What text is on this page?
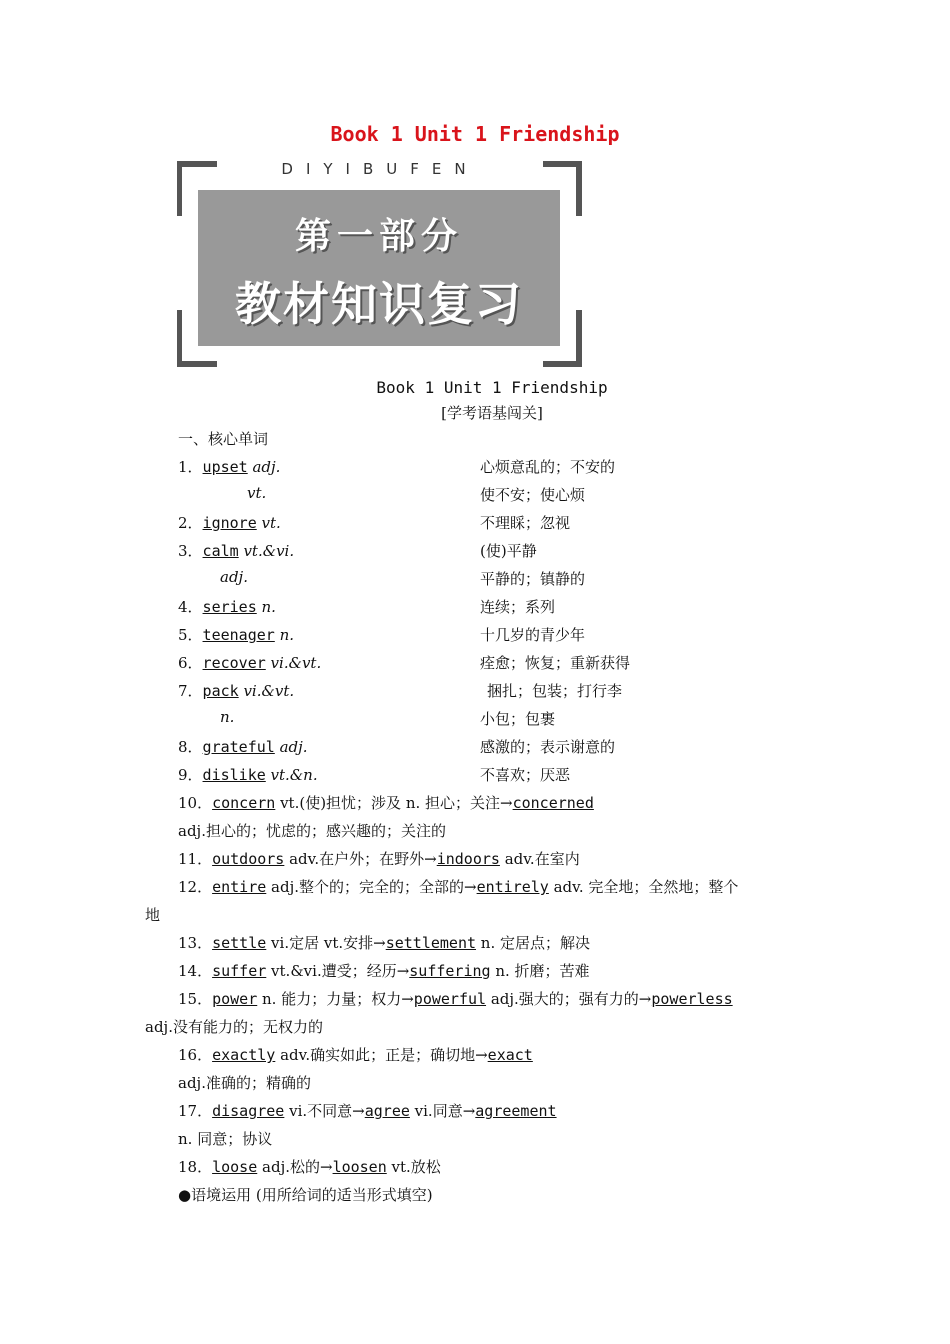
Book 1 Unit 1 Friendship
DIYIBUFEN
第一部分
教材知识复习
Book 1 Unit 1 Friendship
[学考语基闯关]
一、核心单词
1．upset adj.	心烦意乱的；不安的
vt.	使不安；使心烦
2．ignore vt.	不理睬；忽视
3．calm vt.&vi.	(使)平静
adj.	平静的；镇静的
4．series n.	连续；系列
5．teenager n.	十几岁的青少年
6．recover vi.&vt.	痊愈；恢复；重新获得
7．pack vi.&vt.	捆扎；包装；打行李
n.	小包；包裹
8．grateful adj.	感激的；表示谢意的
9．dislike vt.&n.	不喜欢；厌恶
10．concern vt.(使)担忧；涉及 n. 担心；关注→concerned
adj.担心的；忧虑的；感兴趣的；关注的
11．outdoors adv.在户外；在野外→indoors adv.在室内
12．entire adj.整个的；完全的；全部的→entirely adv. 完全地；全然地；整个
地
13．settle vi.定居 vt.安排→settlement n. 定居点；解决
14．suffer vt.&vi.遭受；经历→suffering n. 折磨；苦难
15．power n. 能力；力量；权力→powerful adj.强大的；强有力的→powerless
adj.没有能力的；无权力的
16．exactly adv.确实如此；正是；确切地→exact
adj.准确的；精确的
17．disagree vi.不同意→agree vi.同意→agreement
n. 同意；协议
18．loose adj.松的→loosen vt.放松
●语境运用 (用所给词的适当形式填空)
